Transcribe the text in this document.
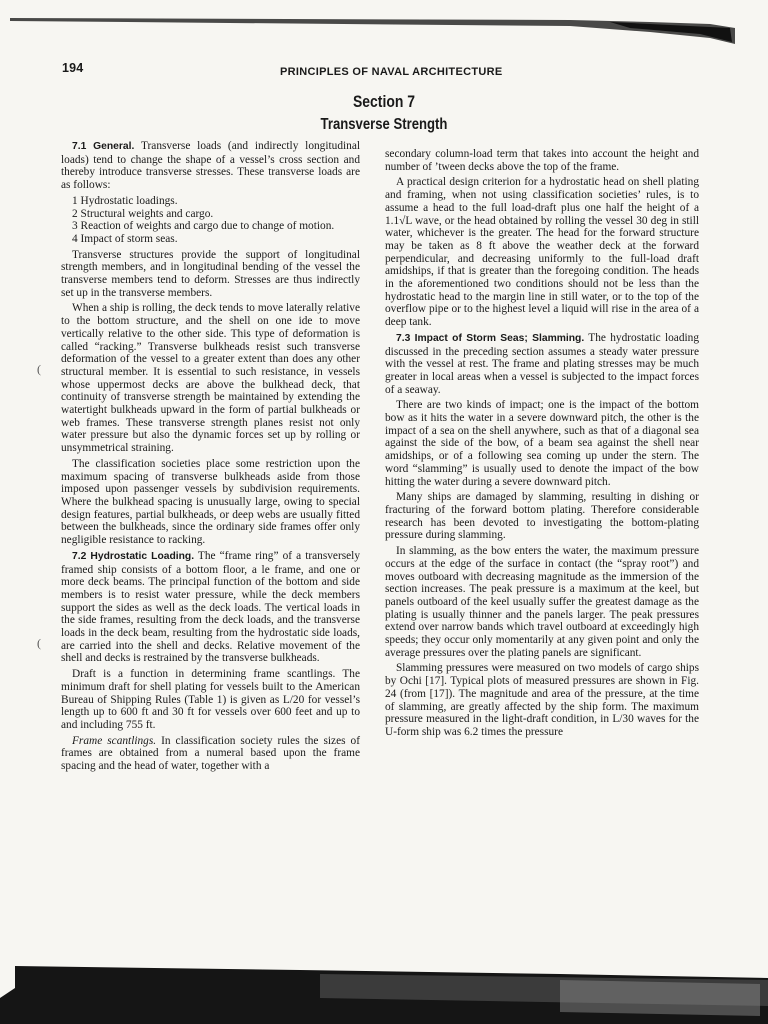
194	PRINCIPLES OF NAVAL ARCHITECTURE
Section 7
Transverse Strength
(
(

7.1 General. Transverse loads (and indirectly longitudinal loads) tend to change the shape of a vessel’s cross section and thereby introduce transverse stresses. These transverse loads are as follows:

1 Hydrostatic loadings.

2 Structural weights and cargo.

3 Reaction of weights and cargo due to change of motion.

4 Impact of storm seas.

Transverse structures provide the support of longitudinal strength members, and in longitudinal bending of the vessel the transverse members tend to deform. Stresses are thus indirectly set up in the transverse members.

When a ship is rolling, the deck tends to move laterally relative to the bottom structure, and the shell on one ide to move vertically relative to the other side. This type of deformation is called “racking.” Transverse bulkheads resist such transverse deformation of the vessel to a greater extent than does any other structural member. It is essential to such resistance, in vessels whose uppermost decks are above the bulkhead deck, that continuity of transverse strength be maintained by extending the watertight bulkheads upward in the form of partial bulkheads or web frames. These transverse strength planes resist not only water pressure but also the dynamic forces set up by rolling or unsymmetrical straining.

The classification societies place some restriction upon the maximum spacing of transverse bulkheads aside from those imposed upon passenger vessels by subdivision requirements. Where the bulkhead spacing is unusually large, owing to special design features, partial bulkheads, or deep webs are usually fitted between the bulkheads, since the ordinary side frames offer only negligible resistance to racking.

7.2 Hydrostatic Loading. The “frame ring” of a transversely framed ship consists of a bottom floor, a le frame, and one or more deck beams. The principal function of the bottom and side members is to resist water pressure, while the deck members support the sides as well as the deck loads. The vertical loads in the side frames, resulting from the deck loads, and the transverse loads in the deck beam, resulting from the hydrostatic side loads, are carried into the shell and decks. Relative movement of the shell and decks is restrained by the transverse bulkheads.

Draft is a function in determining frame scantlings. The minimum draft for shell plating for vessels built to the American Bureau of Shipping Rules (Table 1) is given as L/20 for vessel’s length up to 600 ft and 30 ft for vessels over 600 feet and up to and including 755 ft.

Frame scantlings. In classification society rules the sizes of frames are obtained from a numeral based upon the frame spacing and the head of water, together with a

secondary column-load term that takes into account the height and number of ’tween decks above the top of the frame.

A practical design criterion for a hydrostatic head on shell plating and framing, when not using classification societies’ rules, is to assume a head to the full load-draft plus one half the height of a 1.1√L wave, or the head obtained by rolling the vessel 30 deg in still water, whichever is the greater. The head for the forward structure may be taken as 8 ft above the weather deck at the forward perpendicular, and decreasing uniformly to the full-load draft amidships, if that is greater than the foregoing condition. The heads in the aforementioned two conditions should not be less than the hydrostatic head to the margin line in still water, or to the top of the overflow pipe or to the highest level a liquid will rise in the area of a deep tank.

7.3 Impact of Storm Seas; Slamming. The hydrostatic loading discussed in the preceding section assumes a steady water pressure with the vessel at rest. The frame and plating stresses may be much greater in local areas when a vessel is subjected to the impact forces of a seaway.

There are two kinds of impact; one is the impact of the bottom bow as it hits the water in a severe downward pitch, the other is the impact of a sea on the shell anywhere, such as that of a diagonal sea against the side of the bow, of a beam sea against the shell near amidships, or of a following sea coming up under the stern. The word “slamming” is usually used to denote the impact of the bow hitting the water during a severe downward pitch.

Many ships are damaged by slamming, resulting in dishing or fracturing of the forward bottom plating. Therefore considerable research has been devoted to investigating the bottom-plating pressure during slamming.

In slamming, as the bow enters the water, the maximum pressure occurs at the edge of the surface in contact (the “spray root”) and moves outboard with decreasing magnitude as the immersion of the section increases. The peak pressure is a maximum at the keel, but panels outboard of the keel usually suffer the greatest damage as the plating is usually thinner and the panels larger. The peak pressures extend over narrow bands which travel outboard at exceedingly high speeds; they occur only momentarily at any given point and only the average pressures over the plating panels are significant.

Slamming pressures were measured on two models of cargo ships by Ochi [17]. Typical plots of measured pressures are shown in Fig. 24 (from [17]). The magnitude and area of the pressure, at the time of slamming, are greatly affected by the ship form. The maximum pressure measured in the light-draft condition, in L/30 waves for the U-form ship was 6.2 times the pressure
